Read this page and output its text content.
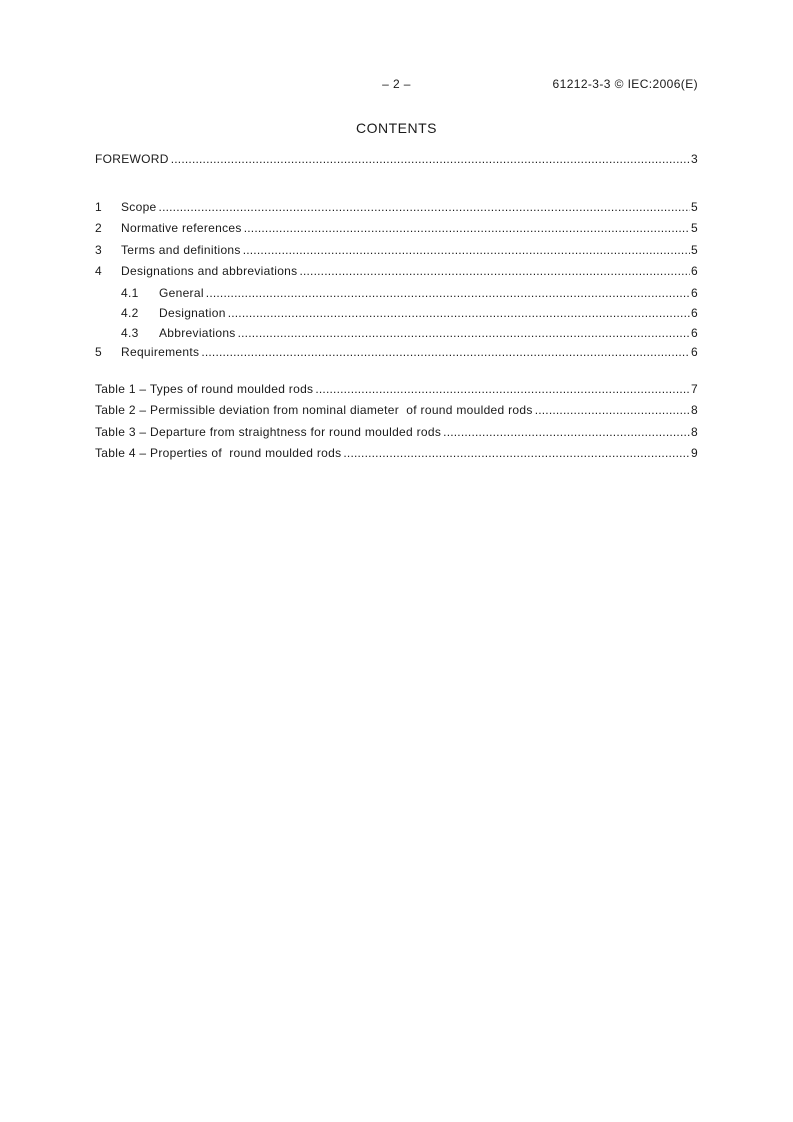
– 2 –	61212-3-3 © IEC:2006(E)
CONTENTS
FOREWORD .....	3
1	Scope .....	5
2	Normative references .....	5
3	Terms and definitions .....	5
4	Designations and abbreviations .....	6
4.1	General .....	6
4.2	Designation .....	6
4.3	Abbreviations .....	6
5	Requirements .....	6
Table 1 – Types of round moulded rods .....	7
Table 2 – Permissible deviation from nominal diameter  of round moulded rods .....	8
Table 3 – Departure from straightness for round moulded rods .....	8
Table 4 – Properties of  round moulded rods .....	9
